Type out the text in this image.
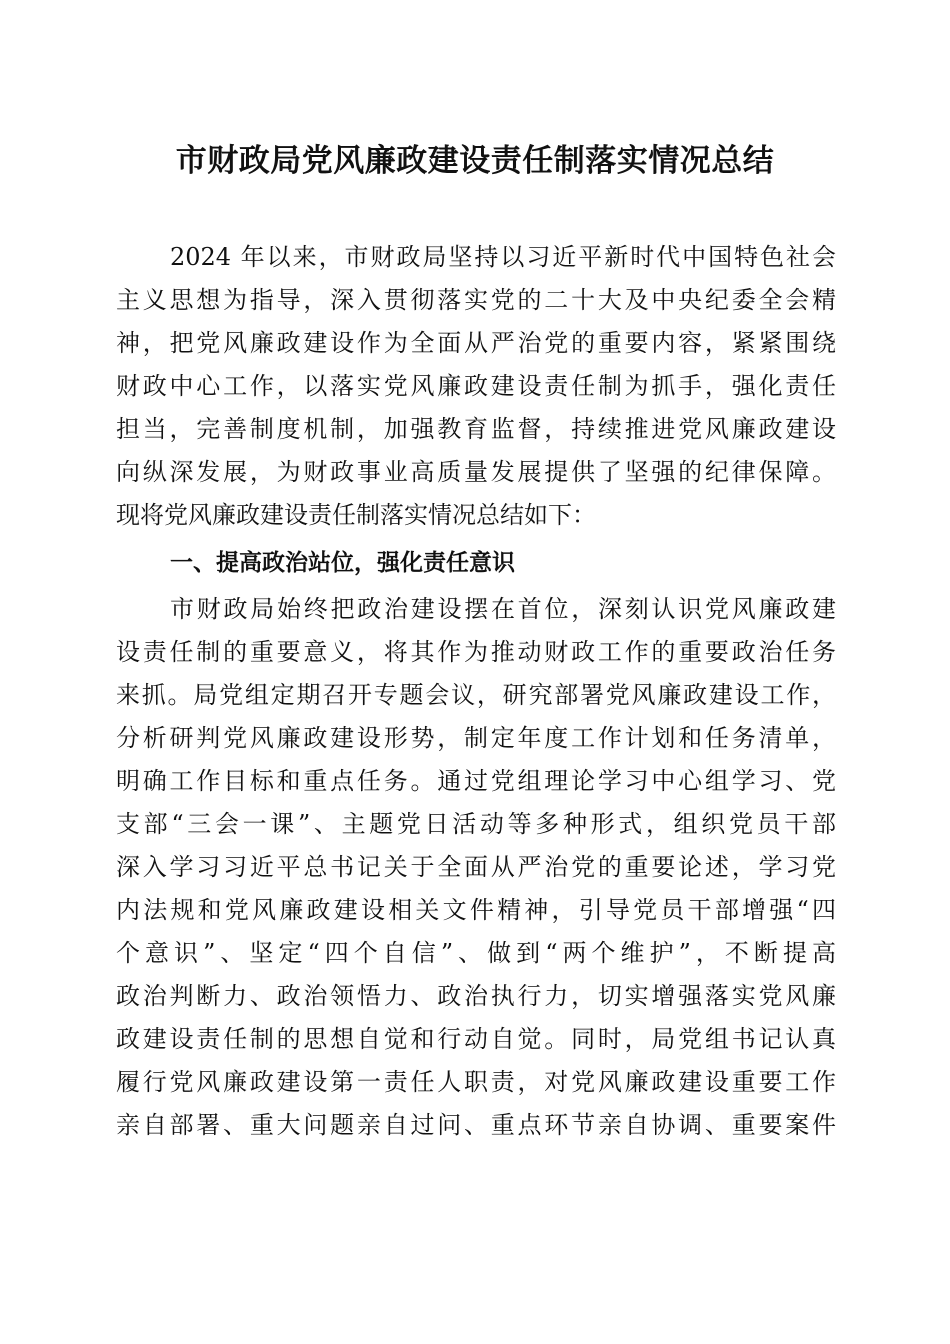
市财政局党风廉政建设责任制落实情况总结
2024 年以来，市财政局坚持以习近平新时代中国特色社会
主义思想为指导，深入贯彻落实党的二十大及中央纪委全会精
神，把党风廉政建设作为全面从严治党的重要内容，紧紧围绕
财政中心工作，以落实党风廉政建设责任制为抓手，强化责任
担当，完善制度机制，加强教育监督，持续推进党风廉政建设
向纵深发展，为财政事业高质量发展提供了坚强的纪律保障。
现将党风廉政建设责任制落实情况总结如下：
一、提高政治站位，强化责任意识
市财政局始终把政治建设摆在首位，深刻认识党风廉政建
设责任制的重要意义，将其作为推动财政工作的重要政治任务
来抓。局党组定期召开专题会议，研究部署党风廉政建设工作，
分析研判党风廉政建设形势，制定年度工作计划和任务清单，
明确工作目标和重点任务。通过党组理论学习中心组学习、党
支部“三会一课”、主题党日活动等多种形式，组织党员干部
深入学习习近平总书记关于全面从严治党的重要论述，学习党
内法规和党风廉政建设相关文件精神，引导党员干部增强“四
个意识”、坚定“四个自信”、做到“两个维护”，不断提高
政治判断力、政治领悟力、政治执行力，切实增强落实党风廉
政建设责任制的思想自觉和行动自觉。同时，局党组书记认真
履行党风廉政建设第一责任人职责，对党风廉政建设重要工作
亲自部署、重大问题亲自过问、重点环节亲自协调、重要案件
